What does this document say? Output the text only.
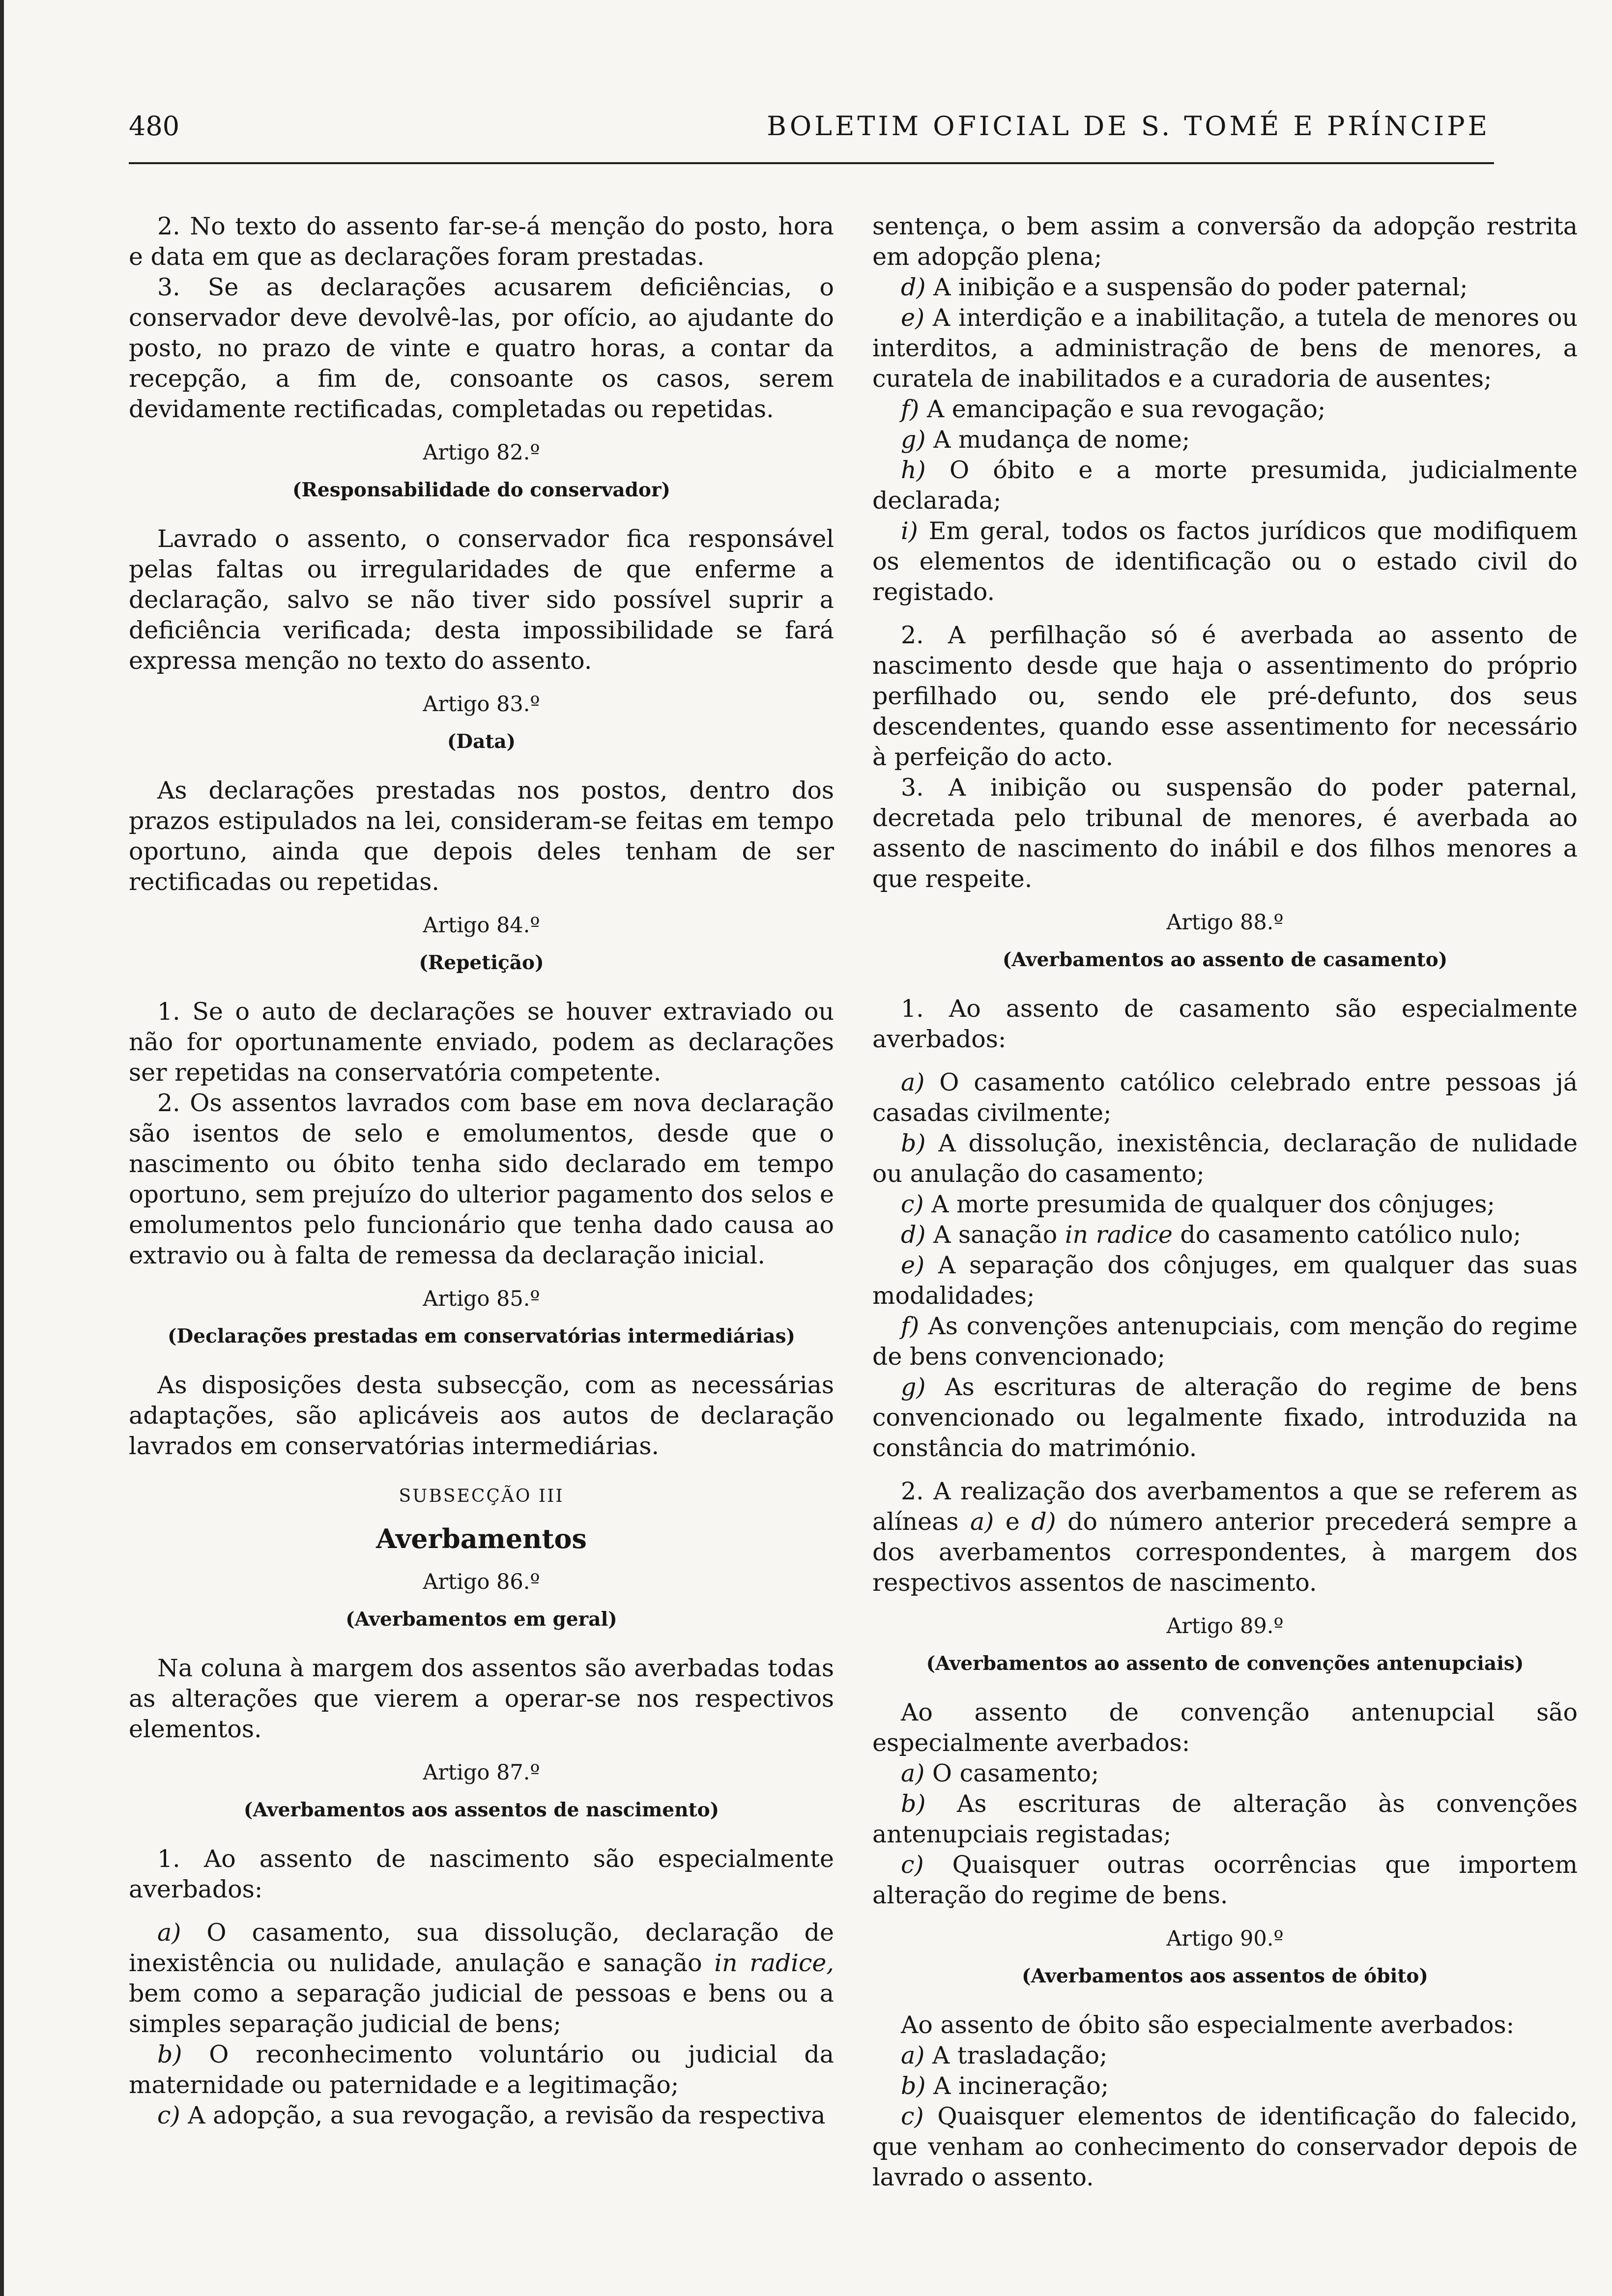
480	BOLETIM OFICIAL DE S. TOMÉ E PRÍNCIPE

2. No texto do assento far-se-á menção do posto, hora e data em que as declarações foram prestadas.

3. Se as declarações acusarem deficiências, o conservador deve devolvê-las, por ofício, ao ajudante do posto, no prazo de vinte e quatro horas, a contar da recepção, a fim de, consoante os casos, serem devidamente rectificadas, completadas ou repetidas.

Artigo 82.º
(Responsabilidade do conservador)

Lavrado o assento, o conservador fica responsável pelas faltas ou irregularidades de que enferme a declaração, salvo se não tiver sido possível suprir a deficiência verificada; desta impossibilidade se fará expressa menção no texto do assento.

Artigo 83.º
(Data)

As declarações prestadas nos postos, dentro dos prazos estipulados na lei, consideram-se feitas em tempo oportuno, ainda que depois deles tenham de ser rectificadas ou repetidas.

Artigo 84.º
(Repetição)

1. Se o auto de declarações se houver extraviado ou não for oportunamente enviado, podem as declarações ser repetidas na conservatória competente.

2. Os assentos lavrados com base em nova declaração são isentos de selo e emolumentos, desde que o nascimento ou óbito tenha sido declarado em tempo oportuno, sem prejuízo do ulterior pagamento dos selos e emolumentos pelo funcionário que tenha dado causa ao extravio ou à falta de remessa da declaração inicial.

Artigo 85.º
(Declarações prestadas em conservatórias intermediárias)

As disposições desta subsecção, com as necessárias adaptações, são aplicáveis aos autos de declaração lavrados em conservatórias intermediárias.

SUBSECÇÃO III
Averbamentos
Artigo 86.º
(Averbamentos em geral)

Na coluna à margem dos assentos são averbadas todas as alterações que vierem a operar-se nos respectivos elementos.

Artigo 87.º
(Averbamentos aos assentos de nascimento)

1. Ao assento de nascimento são especialmente averbados:

a) O casamento, sua dissolução, declaração de inexistência ou nulidade, anulação e sanação in radice, bem como a separação judicial de pessoas e bens ou a simples separação judicial de bens;

b) O reconhecimento voluntário ou judicial da maternidade ou paternidade e a legitimação;

c) A adopção, a sua revogação, a revisão da respectiva

sentença, o bem assim a conversão da adopção restrita em adopção plena;

d) A inibição e a suspensão do poder paternal;

e) A interdição e a inabilitação, a tutela de menores ou interditos, a administração de bens de menores, a curatela de inabilitados e a curadoria de ausentes;

f) A emancipação e sua revogação;

g) A mudança de nome;

h) O óbito e a morte presumida, judicialmente declarada;

i) Em geral, todos os factos jurídicos que modifiquem os elementos de identificação ou o estado civil do registado.

2. A perfilhação só é averbada ao assento de nascimento desde que haja o assentimento do próprio perfilhado ou, sendo ele pré-defunto, dos seus descendentes, quando esse assentimento for necessário à perfeição do acto.

3. A inibição ou suspensão do poder paternal, decretada pelo tribunal de menores, é averbada ao assento de nascimento do inábil e dos filhos menores a que respeite.

Artigo 88.º
(Averbamentos ao assento de casamento)

1. Ao assento de casamento são especialmente averbados:

a) O casamento católico celebrado entre pessoas já casadas civilmente;

b) A dissolução, inexistência, declaração de nulidade ou anulação do casamento;

c) A morte presumida de qualquer dos cônjuges;

d) A sanação in radice do casamento católico nulo;

e) A separação dos cônjuges, em qualquer das suas modalidades;

f) As convenções antenupciais, com menção do regime de bens convencionado;

g) As escrituras de alteração do regime de bens convencionado ou legalmente fixado, introduzida na constância do matrimónio.

2. A realização dos averbamentos a que se referem as alíneas a) e d) do número anterior precederá sempre a dos averbamentos correspondentes, à margem dos respectivos assentos de nascimento.

Artigo 89.º
(Averbamentos ao assento de convenções antenupciais)

Ao assento de convenção antenupcial são especialmente averbados:

a) O casamento;

b) As escrituras de alteração às convenções antenupciais registadas;

c) Quaisquer outras ocorrências que importem alteração do regime de bens.

Artigo 90.º
(Averbamentos aos assentos de óbito)

Ao assento de óbito são especialmente averbados:

a) A trasladação;

b) A incineração;

c) Quaisquer elementos de identificação do falecido, que venham ao conhecimento do conservador depois de lavrado o assento.
